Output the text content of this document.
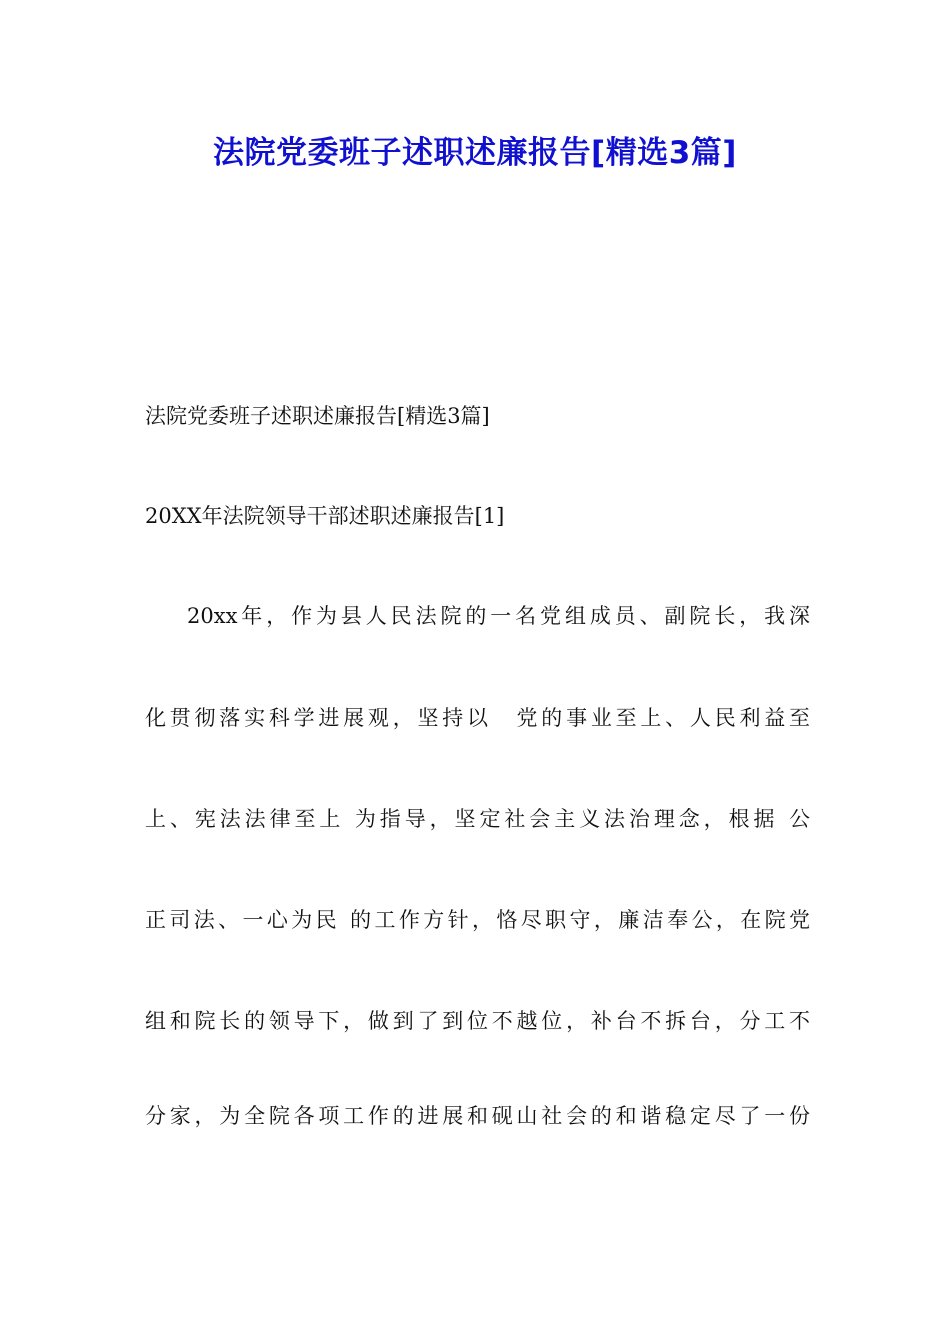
法院党委班子述职述廉报告[精选3篇]

法院党委班子述职述廉报告[精选3篇]

20XX年法院领导干部述职述廉报告[1]

20xx年，作为县人民法院的一名党组成员、副院长，我深

化贯彻落实科学进展观，坚持以　党的事业至上、人民利益至

上、宪法法律至上 为指导，坚定社会主义法治理念，根据 公

正司法、一心为民 的工作方针，恪尽职守，廉洁奉公，在院党

组和院长的领导下，做到了到位不越位，补台不拆台，分工不

分家，为全院各项工作的进展和砚山社会的和谐稳定尽了一份
